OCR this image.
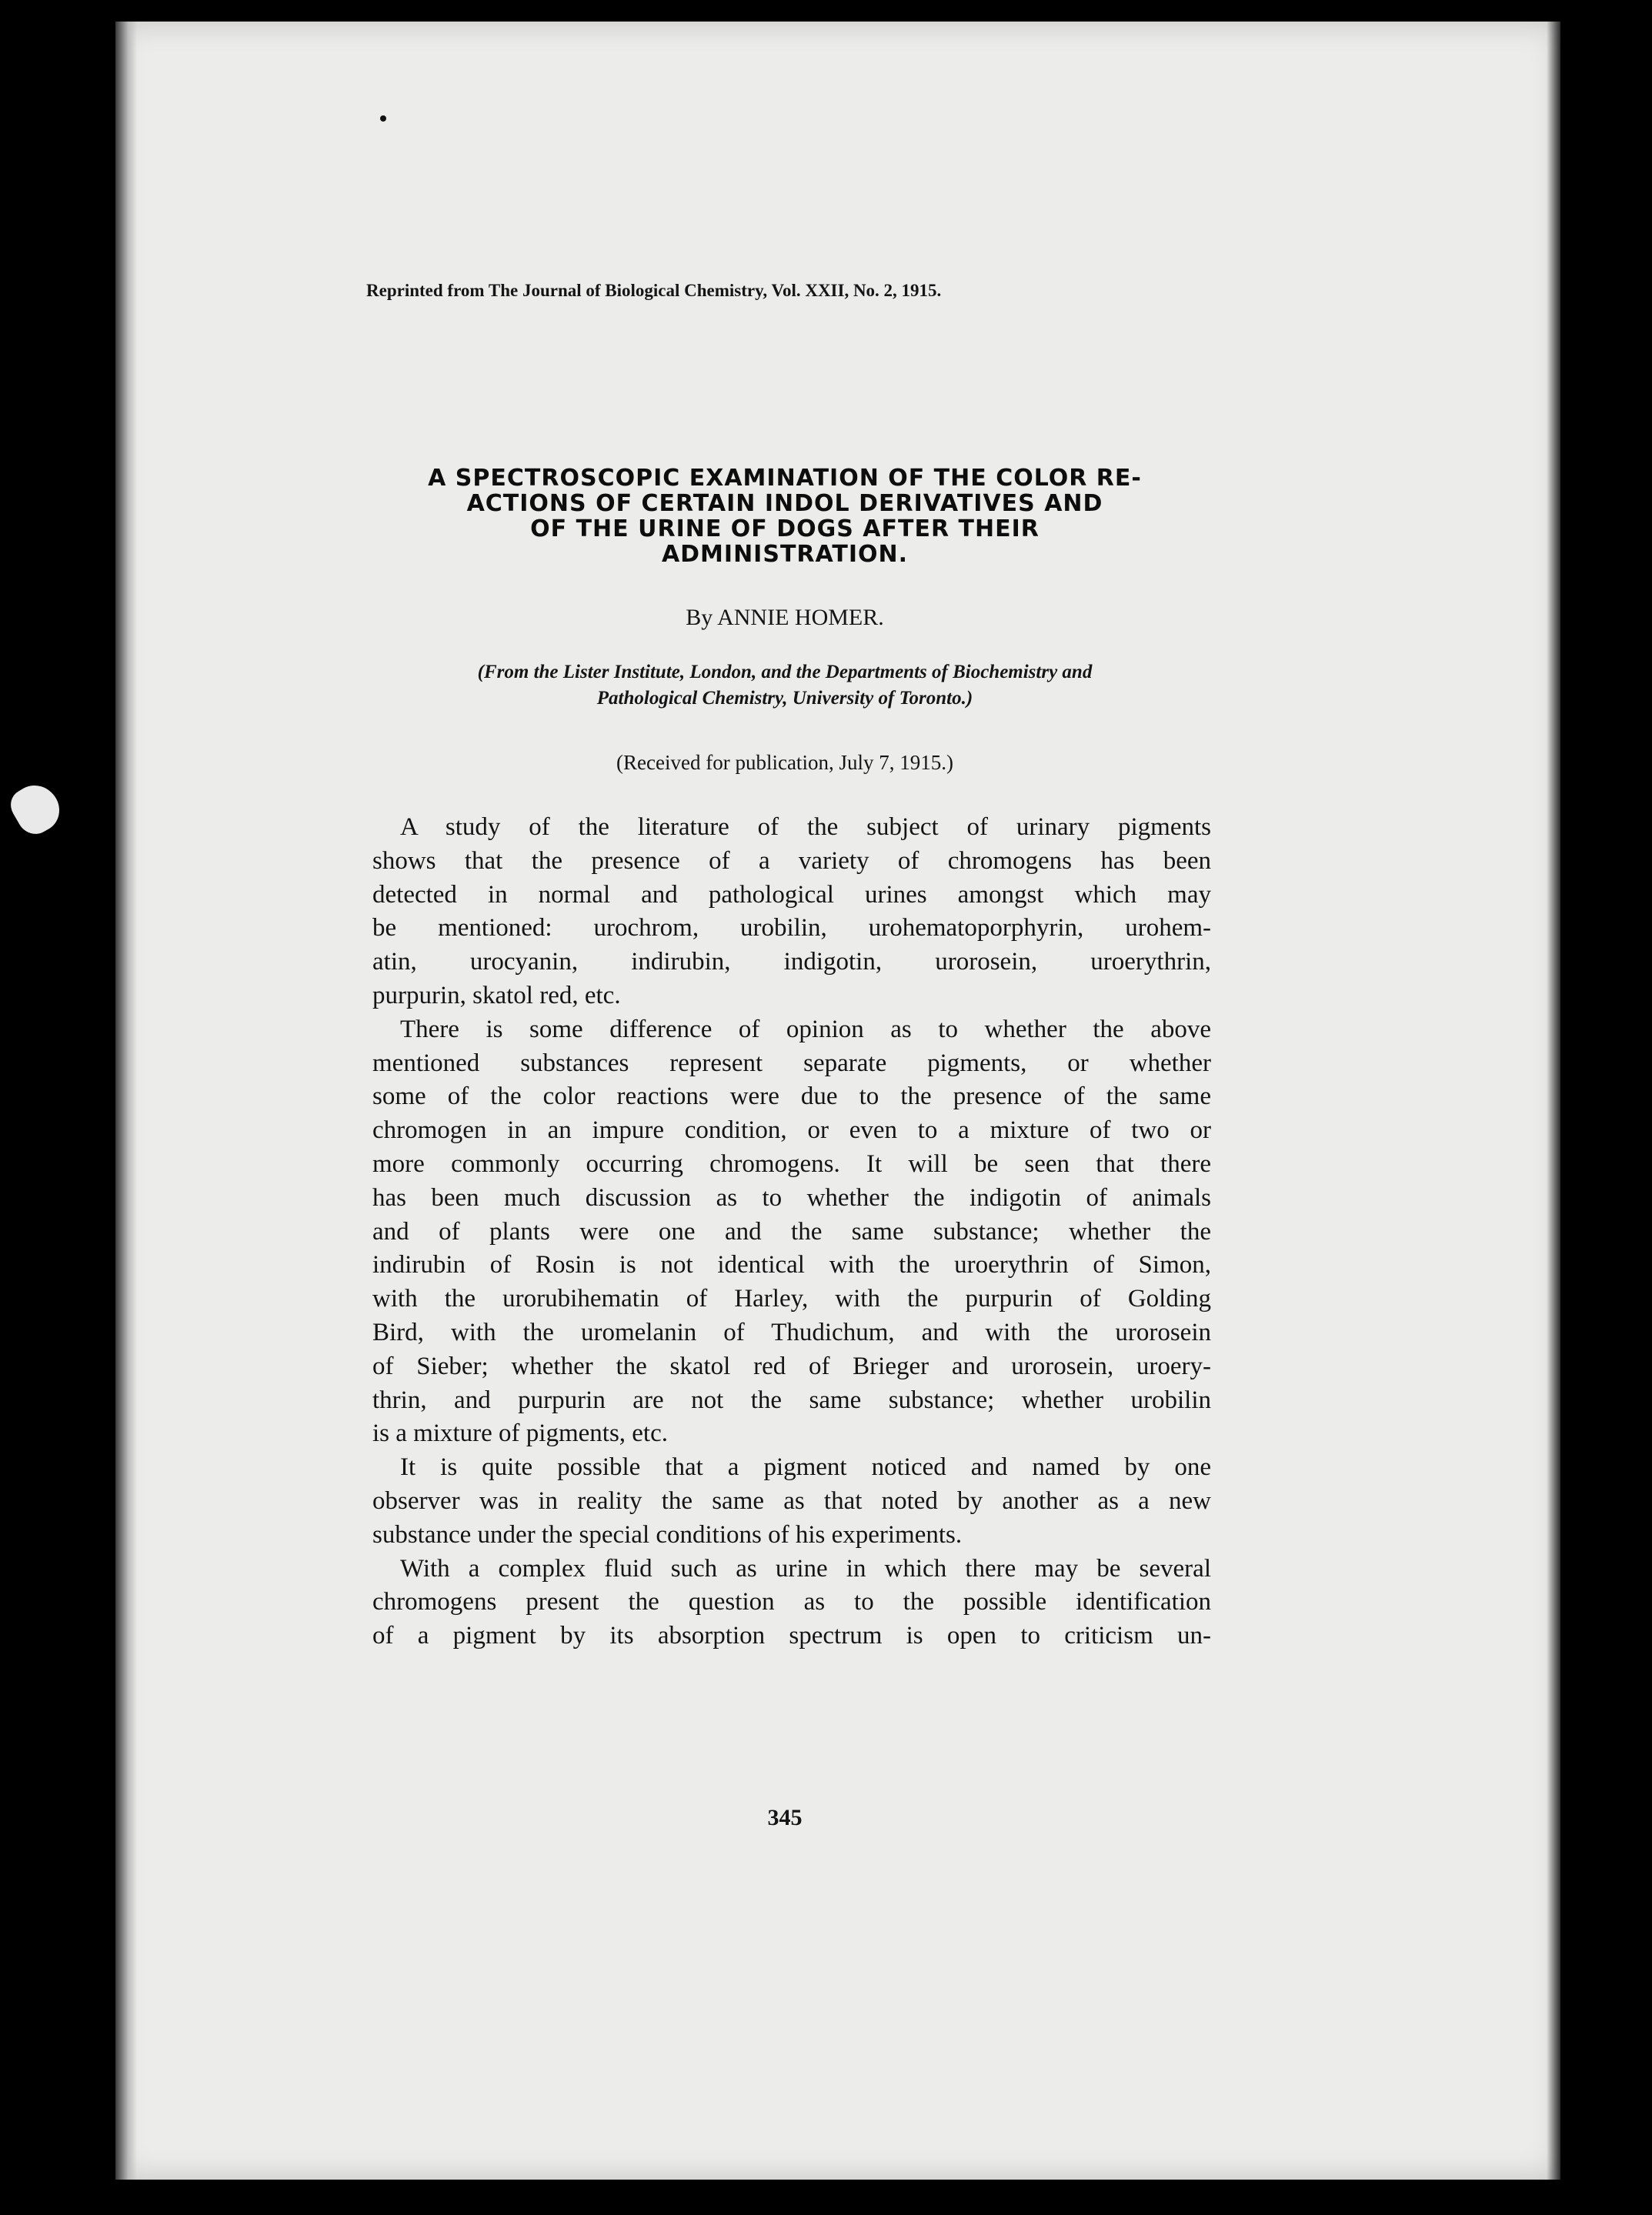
Reprinted from The Journal of Biological Chemistry, Vol. XXII, No. 2, 1915.
A SPECTROSCOPIC EXAMINATION OF THE COLOR RE-
ACTIONS OF CERTAIN INDOL DERIVATIVES AND
OF THE URINE OF DOGS AFTER THEIR
ADMINISTRATION.
By ANNIE HOMER.
(From the Lister Institute, London, and the Departments of Biochemistry and
Pathological Chemistry, University of Toronto.)
(Received for publication, July 7, 1915.)
A study of the literature of the subject of urinary pigments
shows that the presence of a variety of chromogens has been
detected in normal and pathological urines amongst which may
be mentioned: urochrom, urobilin, urohematoporphyrin, urohem-
atin, urocyanin, indirubin, indigotin, urorosein, uroerythrin,
purpurin, skatol red, etc.
There is some difference of opinion as to whether the above
mentioned substances represent separate pigments, or whether
some of the color reactions were due to the presence of the same
chromogen in an impure condition, or even to a mixture of two or
more commonly occurring chromogens. It will be seen that there
has been much discussion as to whether the indigotin of animals
and of plants were one and the same substance; whether the
indirubin of Rosin is not identical with the uroerythrin of Simon,
with the urorubihematin of Harley, with the purpurin of Golding
Bird, with the uromelanin of Thudichum, and with the urorosein
of Sieber; whether the skatol red of Brieger and urorosein, uroery-
thrin, and purpurin are not the same substance; whether urobilin
is a mixture of pigments, etc.
It is quite possible that a pigment noticed and named by one
observer was in reality the same as that noted by another as a new
substance under the special conditions of his experiments.
With a complex fluid such as urine in which there may be several
chromogens present the question as to the possible identification
of a pigment by its absorption spectrum is open to criticism un-
345
